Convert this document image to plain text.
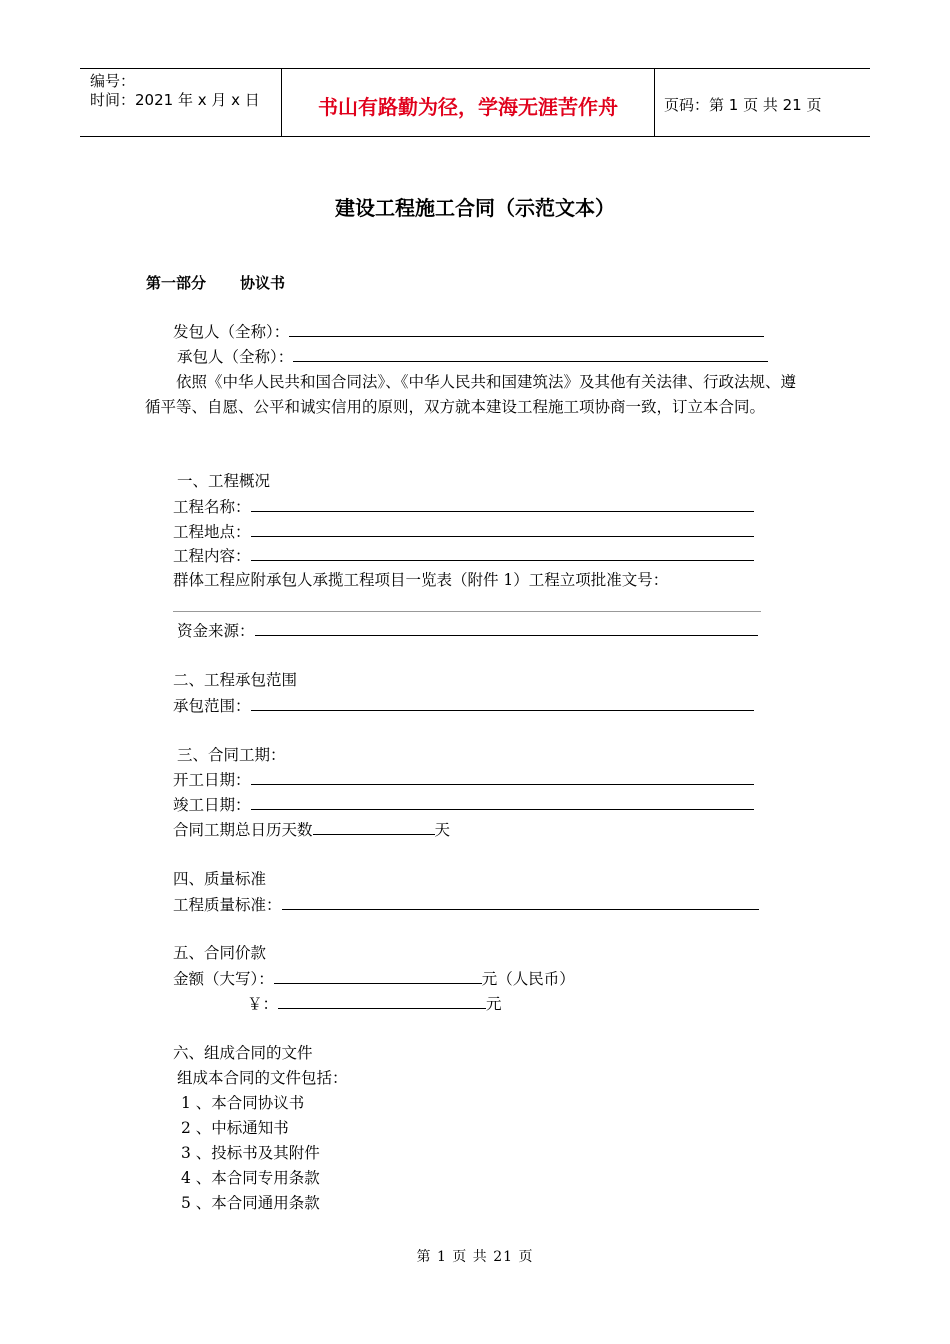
编号：
时间：2021 年 x 月 x 日	书山有路勤为径，学海无涯苦作舟	页码：第 1 页 共 21 页
建设工程施工合同（示范文本）
第一部分 协议书
发包人（全称）：
承包人（全称）：
依照《中华人民共和国合同法》、《中华人民共和国建筑法》及其他有关法律、行政法规、遵循平等、自愿、公平和诚实信用的原则，双方就本建设工程施工项协商一致，订立本合同。
一、工程概况
工程名称：
工程地点：
工程内容：
群体工程应附承包人承揽工程项目一览表（附件 1）工程立项批准文号：
资金来源：
二、工程承包范围
承包范围：
三、合同工期：
开工日期：
竣工日期：
合同工期总日历天数	天
四、质量标准
工程质量标准：
五、合同价款
金额（大写）：	元（人民币）
￥：	元
六、组成合同的文件
组成本合同的文件包括：
1 、本合同协议书
2 、中标通知书
3 、投标书及其附件
4 、本合同专用条款
5 、本合同通用条款
第 1 页 共 21 页
